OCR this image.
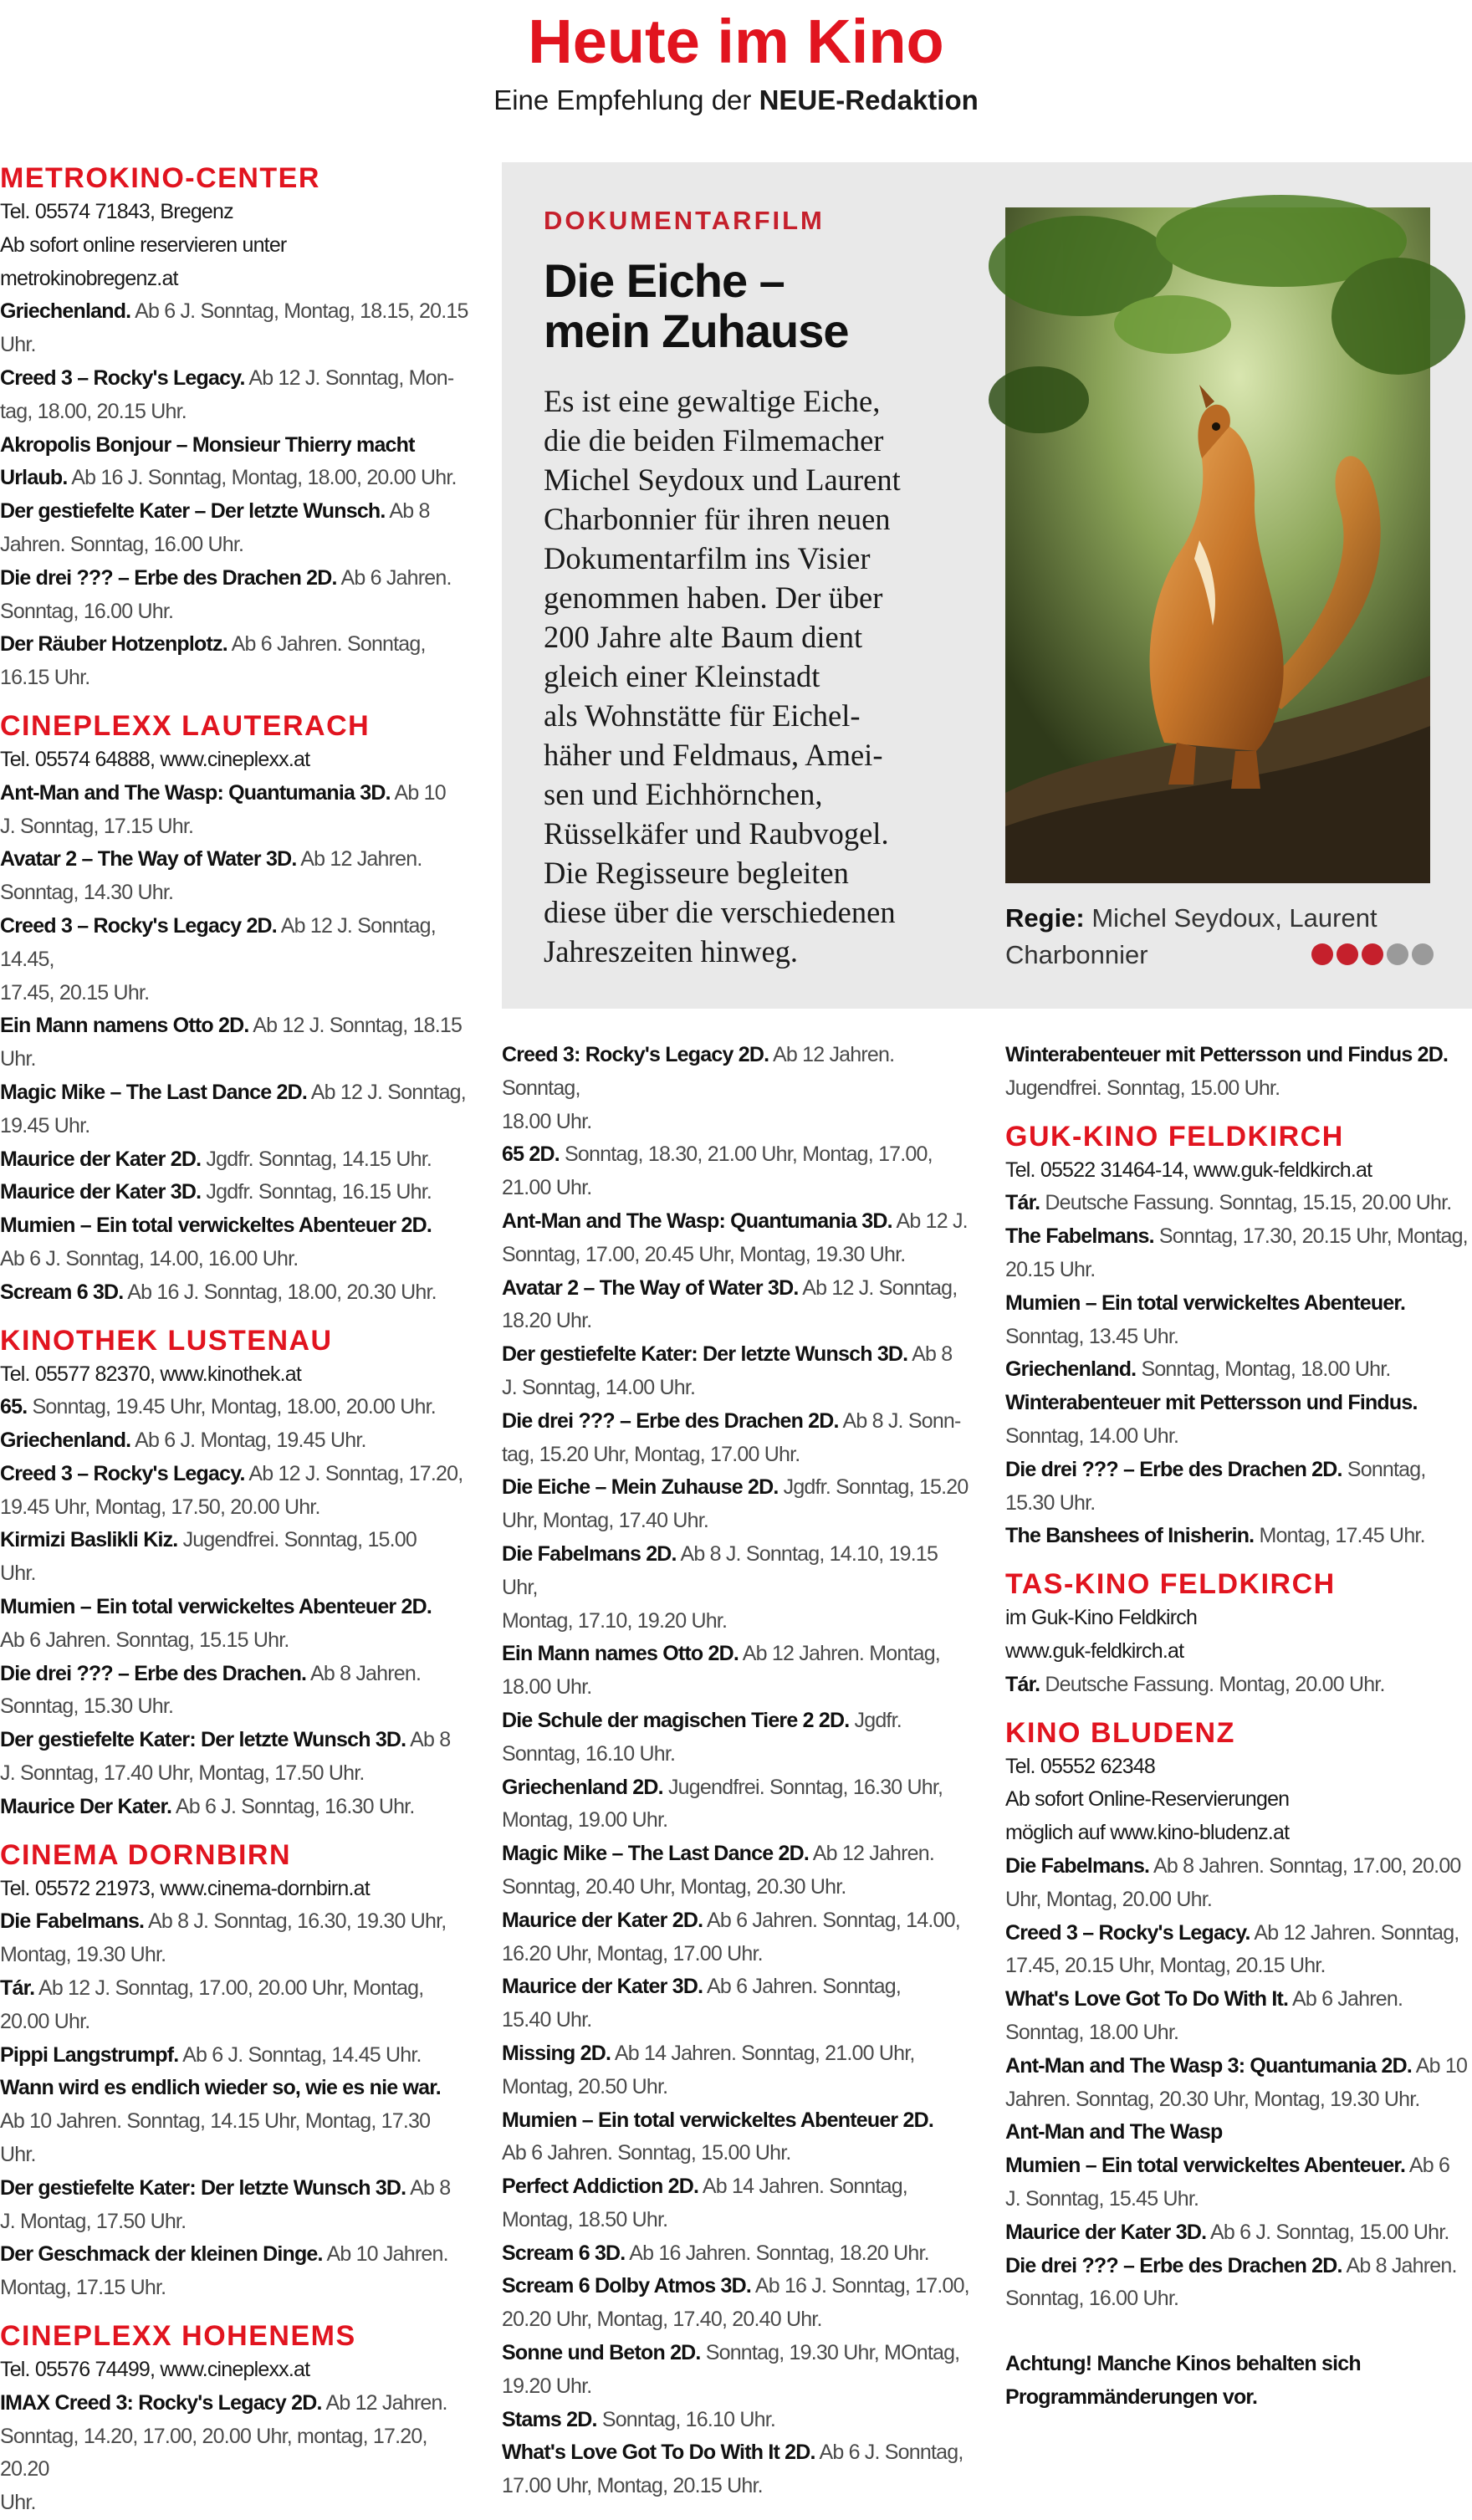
Heute im Kino
Eine Empfehlung der NEUE-Redaktion
METROKINO-CENTER
Tel. 05574 71843, Bregenz
Ab sofort online reservieren unter
metrokinobregenz.at
Griechenland. Ab 6 J. Sonntag, Montag, 18.15, 20.15
Uhr.
Creed 3 – Rocky's Legacy. Ab 12 J. Sonntag, Mon-
tag, 18.00, 20.15 Uhr.
Akropolis Bonjour – Monsieur Thierry macht
Urlaub. Ab 16 J. Sonntag, Montag, 18.00, 20.00 Uhr.
Der gestiefelte Kater – Der letzte Wunsch. Ab 8
Jahren. Sonntag, 16.00 Uhr.
Die drei ??? – Erbe des Drachen 2D. Ab 6 Jahren.
Sonntag, 16.00 Uhr.
Der Räuber Hotzenplotz. Ab 6 Jahren. Sonntag,
16.15 Uhr.
CINEPLEXX LAUTERACH
Tel. 05574 64888, www.cineplexx.at
Ant-Man and The Wasp: Quantumania 3D. Ab 10
J. Sonntag, 17.15 Uhr.
Avatar 2 – The Way of Water 3D. Ab 12 Jahren.
Sonntag, 14.30 Uhr.
Creed 3 – Rocky's Legacy 2D. Ab 12 J. Sonntag, 14.45,
17.45, 20.15 Uhr.
Ein Mann namens Otto 2D. Ab 12 J. Sonntag, 18.15
Uhr.
Magic Mike – The Last Dance 2D. Ab 12 J. Sonntag,
19.45 Uhr.
Maurice der Kater 2D. Jgdfr. Sonntag, 14.15 Uhr.
Maurice der Kater 3D. Jgdfr. Sonntag, 16.15 Uhr.
Mumien – Ein total verwickeltes Abenteuer 2D.
Ab 6 J. Sonntag, 14.00, 16.00 Uhr.
Scream 6 3D. Ab 16 J. Sonntag, 18.00, 20.30 Uhr.
KINOTHEK LUSTENAU
Tel. 05577 82370, www.kinothek.at
65. Sonntag, 19.45 Uhr, Montag, 18.00, 20.00 Uhr.
Griechenland. Ab 6 J. Montag, 19.45 Uhr.
Creed 3 – Rocky's Legacy. Ab 12 J. Sonntag, 17.20,
19.45 Uhr, Montag, 17.50, 20.00 Uhr.
Kirmizi Baslikli Kiz. Jugendfrei. Sonntag, 15.00
Uhr.
Mumien – Ein total verwickeltes Abenteuer 2D.
Ab 6 Jahren. Sonntag, 15.15 Uhr.
Die drei ??? – Erbe des Drachen. Ab 8 Jahren.
Sonntag, 15.30 Uhr.
Der gestiefelte Kater: Der letzte Wunsch 3D. Ab 8
J. Sonntag, 17.40 Uhr, Montag, 17.50 Uhr.
Maurice Der Kater. Ab 6 J. Sonntag, 16.30 Uhr.
CINEMA DORNBIRN
Tel. 05572 21973, www.cinema-dornbirn.at
Die Fabelmans. Ab 8 J. Sonntag, 16.30, 19.30 Uhr,
Montag, 19.30 Uhr.
Tár. Ab 12 J. Sonntag, 17.00, 20.00 Uhr, Montag,
20.00 Uhr.
Pippi Langstrumpf. Ab 6 J. Sonntag, 14.45 Uhr.
Wann wird es endlich wieder so, wie es nie war.
Ab 10 Jahren. Sonntag, 14.15 Uhr, Montag, 17.30 Uhr.
Der gestiefelte Kater: Der letzte Wunsch 3D. Ab 8
J. Montag, 17.50 Uhr.
Der Geschmack der kleinen Dinge. Ab 10 Jahren.
Montag, 17.15 Uhr.
CINEPLEXX HOHENEMS
Tel. 05576 74499, www.cineplexx.at
IMAX Creed 3: Rocky's Legacy 2D. Ab 12 Jahren.
Sonntag, 14.20, 17.00, 20.00 Uhr, montag, 17.20, 20.20
Uhr.
DOKUMENTARFILM
Die Eiche –
mein Zuhause
Es ist eine gewaltige Eiche,
die die beiden Filmemacher
Michel Seydoux und Laurent
Charbonnier für ihren neuen
Dokumentarfilm ins Visier
genommen haben. Der über
200 Jahre alte Baum dient
gleich einer Kleinstadt
als Wohnstätte für Eichel-
häher und Feldmaus, Amei-
sen und Eichhörnchen,
Rüsselkäfer und Raubvogel.
Die Regisseure begleiten
diese über die verschiedenen
Jahreszeiten hinweg.
Regie: Michel Seydoux, Laurent
Charbonnier
Creed 3: Rocky's Legacy 2D. Ab 12 Jahren. Sonntag,
18.00 Uhr.
65 2D. Sonntag, 18.30, 21.00 Uhr, Montag, 17.00,
21.00 Uhr.
Ant-Man and The Wasp: Quantumania 3D. Ab 12 J.
Sonntag, 17.00, 20.45 Uhr, Montag, 19.30 Uhr.
Avatar 2 – The Way of Water 3D. Ab 12 J. Sonntag,
18.20 Uhr.
Der gestiefelte Kater: Der letzte Wunsch 3D. Ab 8
J. Sonntag, 14.00 Uhr.
Die drei ??? – Erbe des Drachen 2D. Ab 8 J. Sonn-
tag, 15.20 Uhr, Montag, 17.00 Uhr.
Die Eiche – Mein Zuhause 2D. Jgdfr. Sonntag, 15.20
Uhr, Montag, 17.40 Uhr.
Die Fabelmans 2D. Ab 8 J. Sonntag, 14.10, 19.15 Uhr,
Montag, 17.10, 19.20 Uhr.
Ein Mann names Otto 2D. Ab 12 Jahren. Montag,
18.00 Uhr.
Die Schule der magischen Tiere 2 2D. Jgdfr.
Sonntag, 16.10 Uhr.
Griechenland 2D. Jugendfrei. Sonntag, 16.30 Uhr,
Montag, 19.00 Uhr.
Magic Mike – The Last Dance 2D. Ab 12 Jahren.
Sonntag, 20.40 Uhr, Montag, 20.30 Uhr.
Maurice der Kater 2D. Ab 6 Jahren. Sonntag, 14.00,
16.20 Uhr, Montag, 17.00 Uhr.
Maurice der Kater 3D. Ab 6 Jahren. Sonntag,
15.40 Uhr.
Missing 2D. Ab 14 Jahren. Sonntag, 21.00 Uhr,
Montag, 20.50 Uhr.
Mumien – Ein total verwickeltes Abenteuer 2D.
Ab 6 Jahren. Sonntag, 15.00 Uhr.
Perfect Addiction 2D. Ab 14 Jahren. Sonntag,
Montag, 18.50 Uhr.
Scream 6 3D. Ab 16 Jahren. Sonntag, 18.20 Uhr.
Scream 6 Dolby Atmos 3D. Ab 16 J. Sonntag, 17.00,
20.20 Uhr, Montag, 17.40, 20.40 Uhr.
Sonne und Beton 2D. Sonntag, 19.30 Uhr, MOntag,
19.20 Uhr.
Stams 2D. Sonntag, 16.10 Uhr.
What's Love Got To Do With It 2D. Ab 6 J. Sonntag,
17.00 Uhr, Montag, 20.15 Uhr.
Winterabenteuer mit Pettersson und Findus 2D.
Jugendfrei. Sonntag, 15.00 Uhr.
GUK-KINO FELDKIRCH
Tel. 05522 31464-14, www.guk-feldkirch.at
Tár. Deutsche Fassung. Sonntag, 15.15, 20.00 Uhr.
The Fabelmans. Sonntag, 17.30, 20.15 Uhr, Montag,
20.15 Uhr.
Mumien – Ein total verwickeltes Abenteuer.
Sonntag, 13.45 Uhr.
Griechenland. Sonntag, Montag, 18.00 Uhr.
Winterabenteuer mit Pettersson und Findus.
Sonntag, 14.00 Uhr.
Die drei ??? – Erbe des Drachen 2D. Sonntag,
15.30 Uhr.
The Banshees of Inisherin. Montag, 17.45 Uhr.
TAS-KINO FELDKIRCH
im Guk-Kino Feldkirch
www.guk-feldkirch.at
Tár. Deutsche Fassung. Montag, 20.00 Uhr.
KINO BLUDENZ
Tel. 05552 62348
Ab sofort Online-Reservierungen
möglich auf www.kino-bludenz.at
Die Fabelmans. Ab 8 Jahren. Sonntag, 17.00, 20.00
Uhr, Montag, 20.00 Uhr.
Creed 3 – Rocky's Legacy. Ab 12 Jahren. Sonntag,
17.45, 20.15 Uhr, Montag, 20.15 Uhr.
What's Love Got To Do With It. Ab 6 Jahren.
Sonntag, 18.00 Uhr.
Ant-Man and The Wasp 3: Quantumania 2D. Ab 10
Jahren. Sonntag, 20.30 Uhr, Montag, 19.30 Uhr.
Ant-Man and The Wasp
Mumien – Ein total verwickeltes Abenteuer. Ab 6
J. Sonntag, 15.45 Uhr.
Maurice der Kater 3D. Ab 6 J. Sonntag, 15.00 Uhr.
Die drei ??? – Erbe des Drachen 2D. Ab 8 Jahren.
Sonntag, 16.00 Uhr.
Achtung! Manche Kinos behalten sich
Programmänderungen vor.
